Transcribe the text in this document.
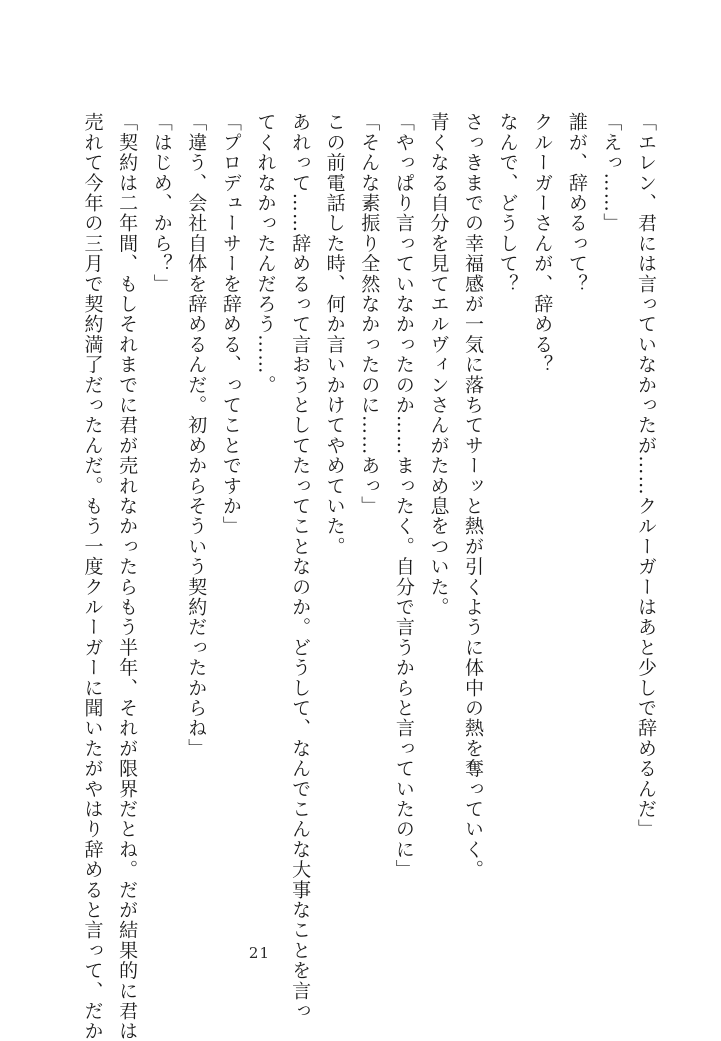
「エレン、君には言っていなかったが……クルーガーはあと少しで辞めるんだ」
「えっ……」
誰が、辞めるって？
クルーガーさんが、辞める？
なんで、どうして？
さっきまでの幸福感が一気に落ちてサーッと熱が引くように体中の熱を奪っていく。
青くなる自分を見てエルヴィンさんがため息をついた。
「やっぱり言っていなかったのか……まったく。自分で言うからと言っていたのに」
「そんな素振り全然なかったのに……あっ」
この前電話した時、何か言いかけてやめていた。
あれって……辞めるって言おうとしてたってことなのか。どうして、なんでこんな大事なことを言っ
てくれなかったんだろう……。
「プロデューサーを辞める、ってことですか」
「違う、会社自体を辞めるんだ。初めからそういう契約だったからね」
「はじめ、から？」
「契約は二年間、もしそれまでに君が売れなかったらもう半年、それが限界だとね。だが結果的に君は
売れて今年の三月で契約満了だったんだ。もう一度クルーガーに聞いたがやはり辞めると言って、だか	21
